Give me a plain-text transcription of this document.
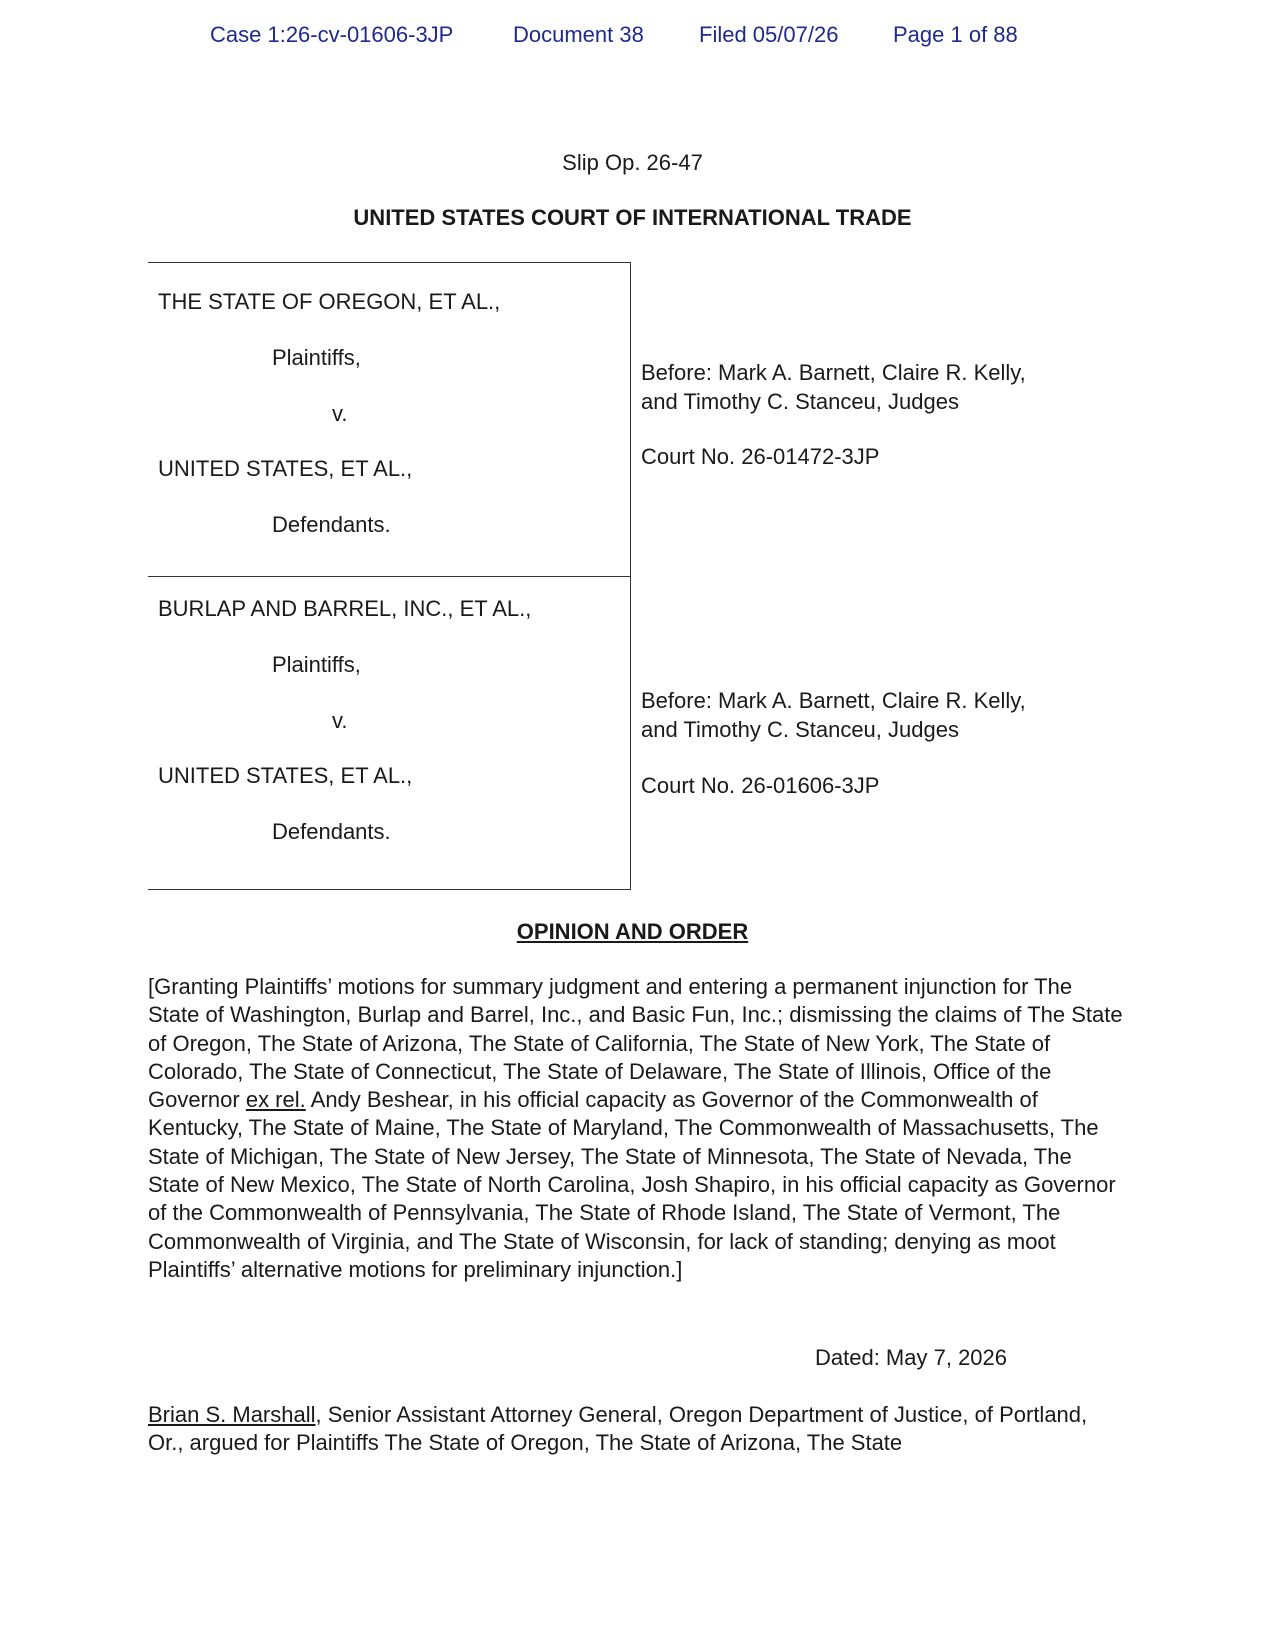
Case 1:26-cv-01606-3JP	Document 38	Filed 05/07/26 Page 1 of 88
Slip Op. 26-47
UNITED STATES COURT OF INTERNATIONAL TRADE
THE STATE OF OREGON, ET AL.,
Plaintiffs,
v.
UNITED STATES, ET AL.,
Defendants.
Before: Mark A. Barnett, Claire R. Kelly,
and Timothy C. Stanceu, Judges
Court No. 26-01472-3JP
BURLAP AND BARREL, INC., ET AL.,
Plaintiffs,
v.
UNITED STATES, ET AL.,
Defendants.
Before: Mark A. Barnett, Claire R. Kelly,
and Timothy C. Stanceu, Judges
Court No. 26-01606-3JP
OPINION AND ORDER
[Granting Plaintiffs’ motions for summary judgment and entering a permanent injunction for The State of Washington, Burlap and Barrel, Inc., and Basic Fun, Inc.; dismissing the claims of The State of Oregon, The State of Arizona, The State of California, The State of New York, The State of Colorado, The State of Connecticut, The State of Delaware, The State of Illinois, Office of the Governor ex rel. Andy Beshear, in his official capacity as Governor of the Commonwealth of Kentucky, The State of Maine, The State of Maryland, The Commonwealth of Massachusetts, The State of Michigan, The State of New Jersey, The State of Minnesota, The State of Nevada, The State of New Mexico, The State of North Carolina, Josh Shapiro, in his official capacity as Governor of the Commonwealth of Pennsylvania, The State of Rhode Island, The State of Vermont, The Commonwealth of Virginia, and The State of Wisconsin, for lack of standing; denying as moot Plaintiffs’ alternative motions for preliminary injunction.]
Dated: May 7, 2026
Brian S. Marshall, Senior Assistant Attorney General, Oregon Department of Justice, of Portland, Or., argued for Plaintiffs The State of Oregon, The State of Arizona, The State
